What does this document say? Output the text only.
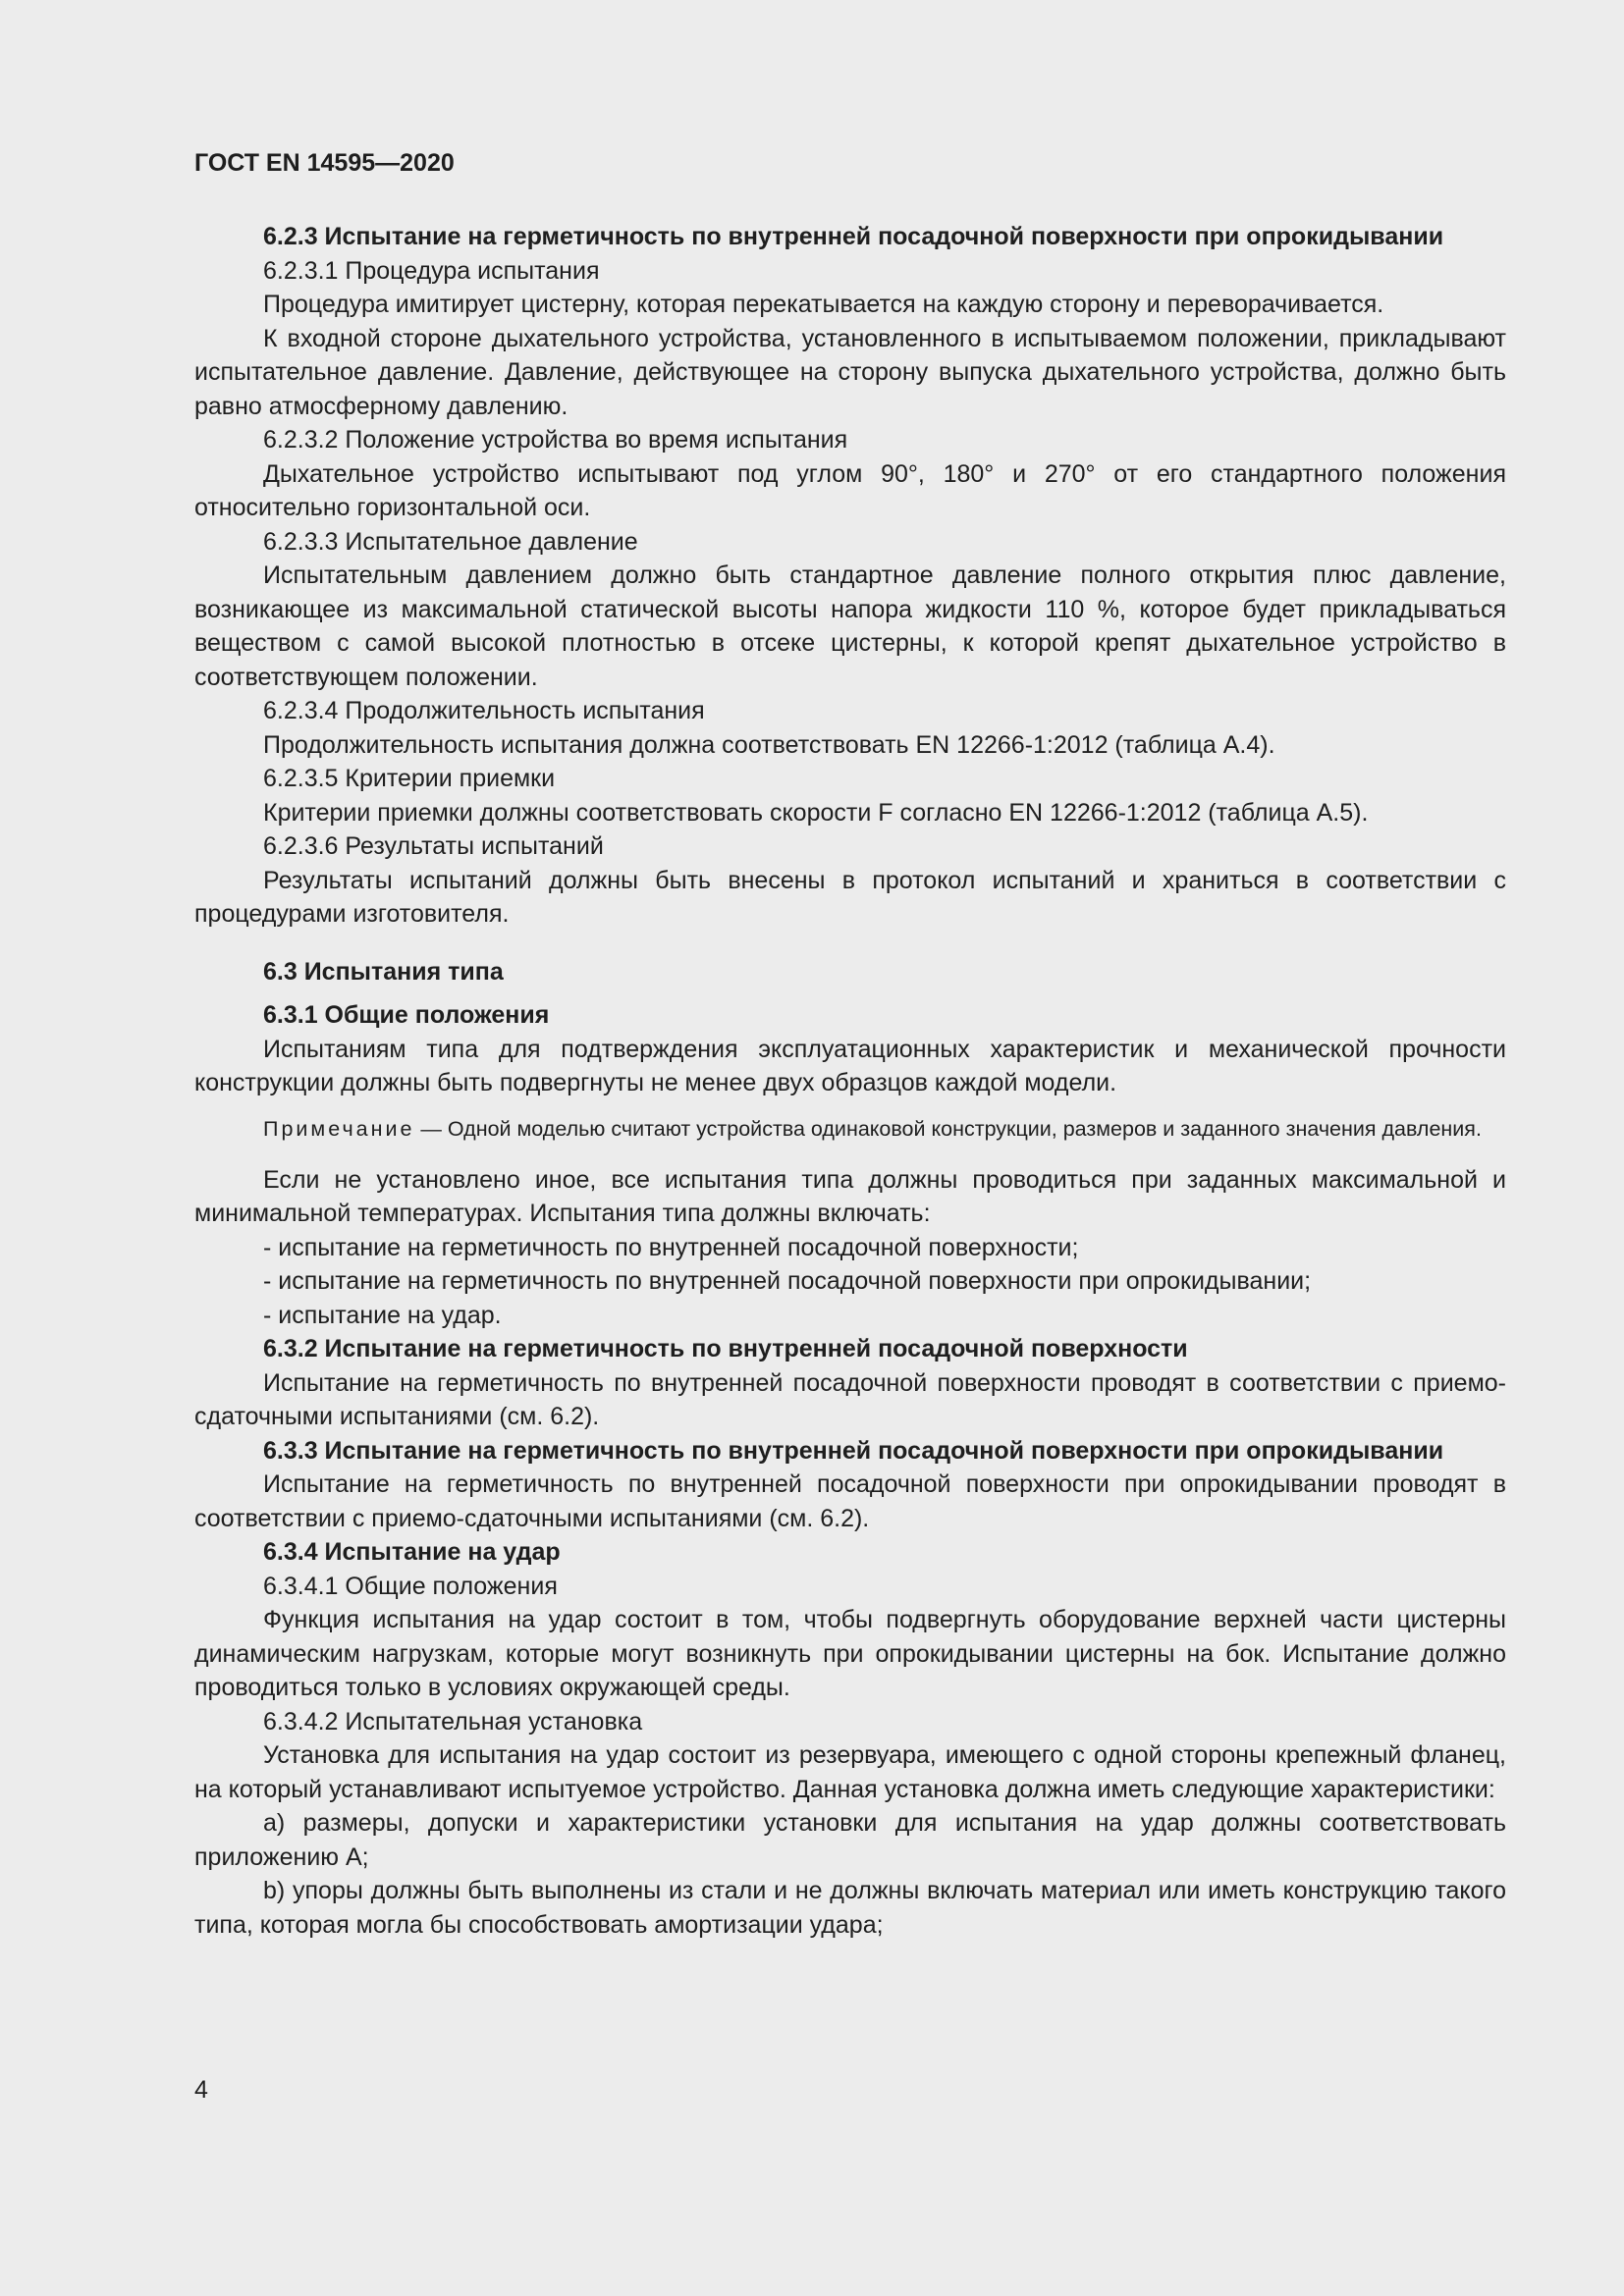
ГОСТ EN 14595—2020

6.2.3 Испытание на герметичность по внутренней посадочной поверхности при опрокидывании

6.2.3.1 Процедура испытания

Процедура имитирует цистерну, которая перекатывается на каждую сторону и переворачивается.

К входной стороне дыхательного устройства, установленного в испытываемом положении, прикладывают испытательное давление. Давление, действующее на сторону выпуска дыхательного устройства, должно быть равно атмосферному давлению.

6.2.3.2 Положение устройства во время испытания

Дыхательное устройство испытывают под углом 90°, 180° и 270° от его стандартного положения относительно горизонтальной оси.

6.2.3.3 Испытательное давление

Испытательным давлением должно быть стандартное давление полного открытия плюс давление, возникающее из максимальной статической высоты напора жидкости 110 %, которое будет прикладываться веществом с самой высокой плотностью в отсеке цистерны, к которой крепят дыхательное устройство в соответствующем положении.

6.2.3.4 Продолжительность испытания

Продолжительность испытания должна соответствовать EN 12266-1:2012 (таблица А.4).

6.2.3.5 Критерии приемки

Критерии приемки должны соответствовать скорости F согласно EN 12266-1:2012 (таблица А.5).

6.2.3.6 Результаты испытаний

Результаты испытаний должны быть внесены в протокол испытаний и храниться в соответствии с процедурами изготовителя.

6.3 Испытания типа

6.3.1 Общие положения

Испытаниям типа для подтверждения эксплуатационных характеристик и механической прочности конструкции должны быть подвергнуты не менее двух образцов каждой модели.

Примечание — Одной моделью считают устройства одинаковой конструкции, размеров и заданного значения давления.

Если не установлено иное, все испытания типа должны проводиться при заданных максимальной и минимальной температурах. Испытания типа должны включать:

- испытание на герметичность по внутренней посадочной поверхности;

- испытание на герметичность по внутренней посадочной поверхности при опрокидывании;

- испытание на удар.

6.3.2 Испытание на герметичность по внутренней посадочной поверхности

Испытание на герметичность по внутренней посадочной поверхности проводят в соответствии с приемо-сдаточными испытаниями (см. 6.2).

6.3.3 Испытание на герметичность по внутренней посадочной поверхности при опрокидывании

Испытание на герметичность по внутренней посадочной поверхности при опрокидывании проводят в соответствии с приемо-сдаточными испытаниями (см. 6.2).

6.3.4 Испытание на удар

6.3.4.1 Общие положения

Функция испытания на удар состоит в том, чтобы подвергнуть оборудование верхней части цистерны динамическим нагрузкам, которые могут возникнуть при опрокидывании цистерны на бок. Испытание должно проводиться только в условиях окружающей среды.

6.3.4.2 Испытательная установка

Установка для испытания на удар состоит из резервуара, имеющего с одной стороны крепежный фланец, на который устанавливают испытуемое устройство. Данная установка должна иметь следующие характеристики:

a) размеры, допуски и характеристики установки для испытания на удар должны соответствовать приложению А;

b) упоры должны быть выполнены из стали и не должны включать материал или иметь конструкцию такого типа, которая могла бы способствовать амортизации удара;

4
